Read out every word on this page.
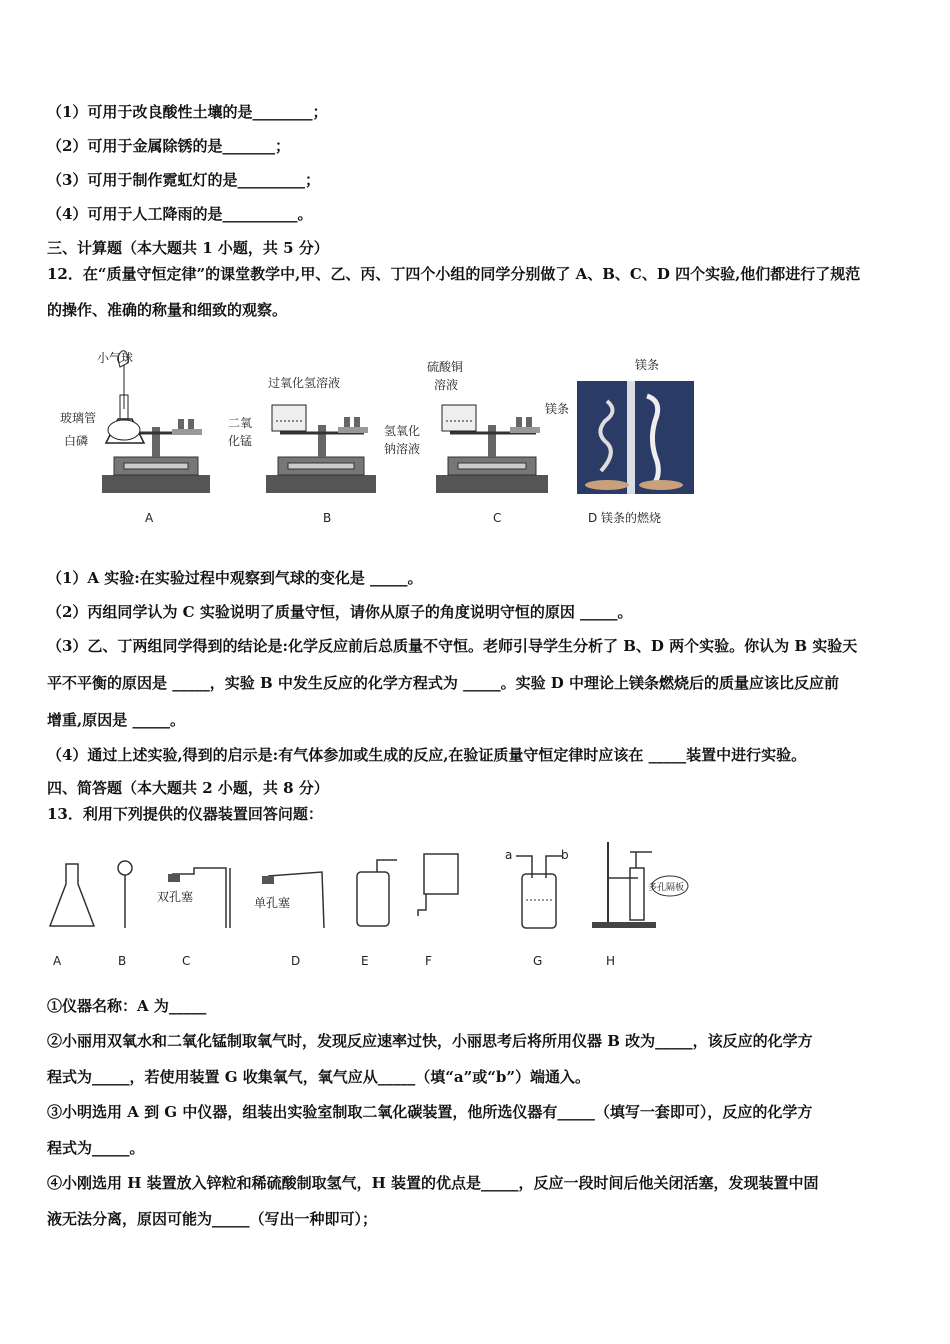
（1）可用于改良酸性土壤的是________；
（2）可用于金属除锈的是_______；
（3）可用于制作霓虹灯的是_________；
（4）可用于人工降雨的是__________。
三、计算题（本大题共 1 小题，共 5 分）
12．在“质量守恒定律”的课堂教学中,甲、乙、丙、丁四个小组的同学分别做了 A、B、C、D 四个实验,他们都进行了规范
的操作、准确的称量和细致的观察。
小气球
玻璃管
白磷
A
过氧化氢溶液
二氧
化锰
B
硫酸铜
溶液
氢氧化
钠溶液
C
镁条
镁条
D 镁条的燃烧
（1）A 实验:在实验过程中观察到气球的变化是 _____。
（2）丙组同学认为 C 实验说明了质量守恒，请你从原子的角度说明守恒的原因 _____。
（3）乙、丁两组同学得到的结论是:化学反应前后总质量不守恒。老师引导学生分析了 B、D 两个实验。你认为 B 实验天
平不平衡的原因是 _____，实验 B 中发生反应的化学方程式为 _____。实验 D 中理论上镁条燃烧后的质量应该比反应前
增重,原因是 _____。
（4）通过上述实验,得到的启示是:有气体参加或生成的反应,在验证质量守恒定律时应该在 _____装置中进行实验。
四、简答题（本大题共 2 小题，共 8 分）
13．利用下列提供的仪器装置回答问题：
a	b
多孔隔板
双孔塞	单孔塞
A	B	C	D	E	F	G	H
①仪器名称：A 为_____
②小丽用双氧水和二氧化锰制取氧气时，发现反应速率过快，小丽思考后将所用仪器 B 改为_____，该反应的化学方
程式为_____，若使用装置 G 收集氧气，氧气应从_____（填“a”或“b”）端通入。
③小明选用 A 到 G 中仪器，组装出实验室制取二氧化碳装置，他所选仪器有_____（填写一套即可），反应的化学方
程式为_____。
④小刚选用 H 装置放入锌粒和稀硫酸制取氢气，H 装置的优点是_____，反应一段时间后他关闭活塞，发现装置中固
液无法分离，原因可能为_____（写出一种即可）；
